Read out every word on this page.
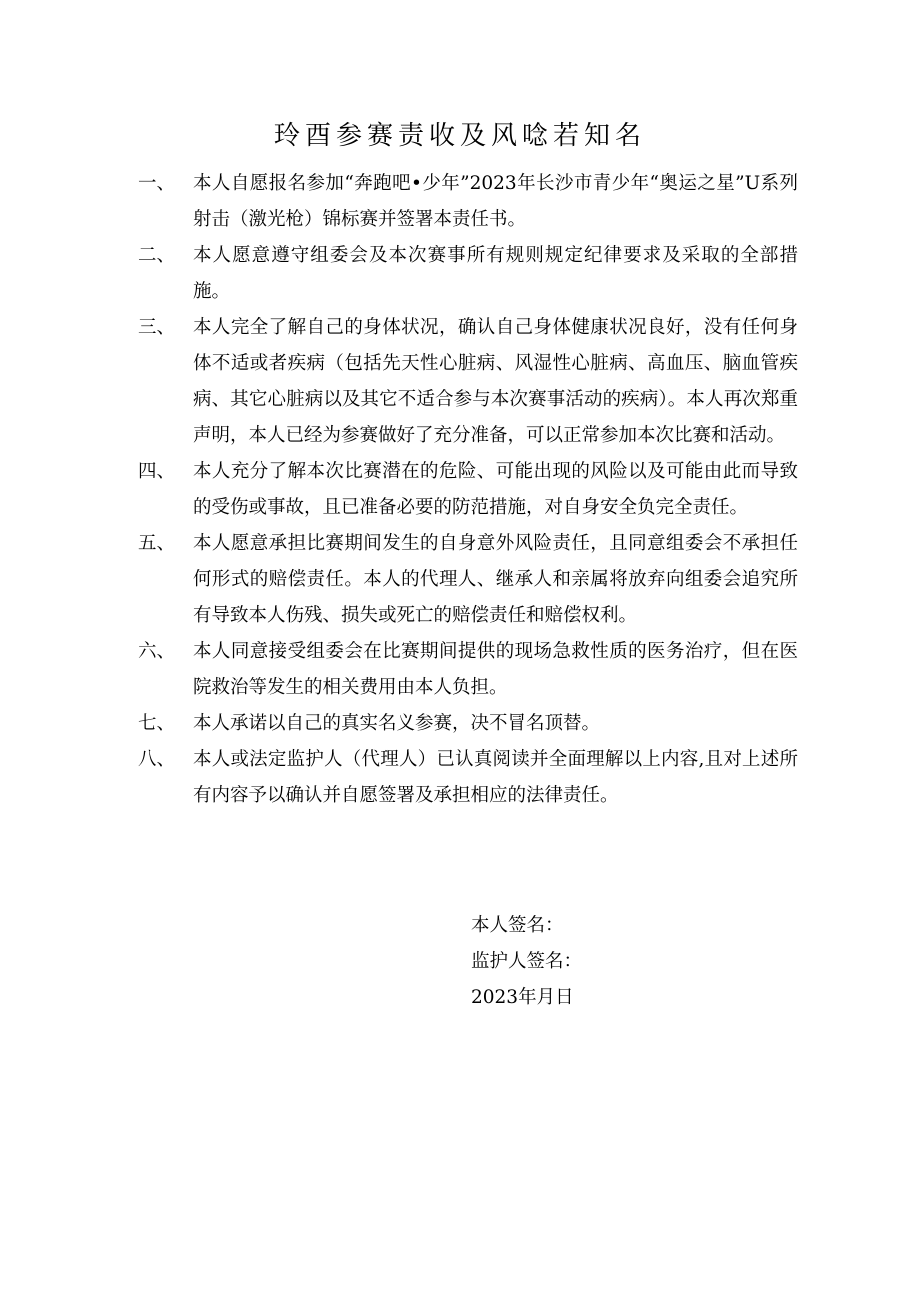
玲酉参赛责收及风唸若知名
一、 本人自愿报名参加“奔跑吧•少年”2023年长沙市青少年“奥运之星”U系列射击（激光枪）锦标赛并签署本责任书。
二、 本人愿意遵守组委会及本次赛事所有规则规定纪律要求及采取的全部措施。
三、 本人完全了解自己的身体状况，确认自己身体健康状况良好，没有任何身体不适或者疾病（包括先天性心脏病、风湿性心脏病、高血压、脑血管疾病、其它心脏病以及其它不适合参与本次赛事活动的疾病）。本人再次郑重声明，本人已经为参赛做好了充分准备，可以正常参加本次比赛和活动。
四、 本人充分了解本次比赛潜在的危险、可能出现的风险以及可能由此而导致的受伤或事故，且已准备必要的防范措施，对自身安全负完全责任。
五、 本人愿意承担比赛期间发生的自身意外风险责任，且同意组委会不承担任何形式的赔偿责任。本人的代理人、继承人和亲属将放弃向组委会追究所有导致本人伤残、损失或死亡的赔偿责任和赔偿权利。
六、 本人同意接受组委会在比赛期间提供的现场急救性质的医务治疗，但在医院救治等发生的相关费用由本人负担。
七、 本人承诺以自己的真实名义参赛，决不冒名顶替。
八、 本人或法定监护人（代理人）已认真阅读并全面理解以上内容,且对上述所有内容予以确认并自愿签署及承担相应的法律责任。
本人签名：
监护人签名：
2023年月日
